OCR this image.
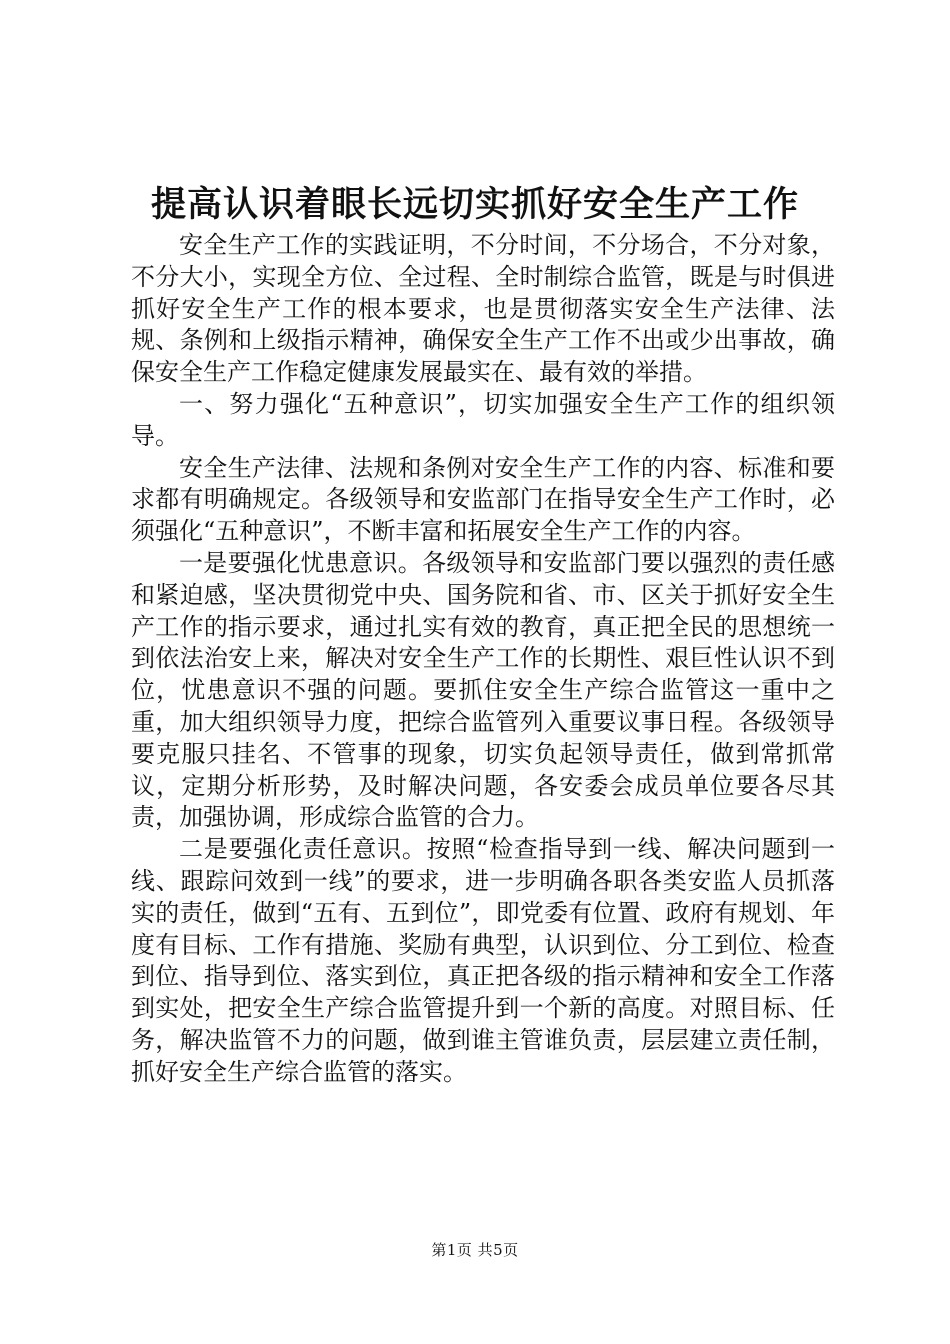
提高认识着眼长远切实抓好安全生产工作

安全生产工作的实践证明，不分时间，不分场合，不分对象，不分大小，实现全方位、全过程、全时制综合监管，既是与时俱进抓好安全生产工作的根本要求，也是贯彻落实安全生产法律、法规、条例和上级指示精神，确保安全生产工作不出或少出事故，确保安全生产工作稳定健康发展最实在、最有效的举措。

一、努力强化“五种意识”，切实加强安全生产工作的组织领导。

安全生产法律、法规和条例对安全生产工作的内容、标准和要求都有明确规定。各级领导和安监部门在指导安全生产工作时，必须强化“五种意识”，不断丰富和拓展安全生产工作的内容。

一是要强化忧患意识。各级领导和安监部门要以强烈的责任感和紧迫感，坚决贯彻党中央、国务院和省、市、区关于抓好安全生产工作的指示要求，通过扎实有效的教育，真正把全民的思想统一到依法治安上来，解决对安全生产工作的长期性、艰巨性认识不到位，忧患意识不强的问题。要抓住安全生产综合监管这一重中之重，加大组织领导力度，把综合监管列入重要议事日程。各级领导要克服只挂名、不管事的现象，切实负起领导责任，做到常抓常议，定期分析形势，及时解决问题，各安委会成员单位要各尽其责，加强协调，形成综合监管的合力。

二是要强化责任意识。按照“检查指导到一线、解决问题到一线、跟踪问效到一线”的要求，进一步明确各职各类安监人员抓落实的责任，做到“五有、五到位”，即党委有位置、政府有规划、年度有目标、工作有措施、奖励有典型，认识到位、分工到位、检查到位、指导到位、落实到位，真正把各级的指示精神和安全工作落到实处，把安全生产综合监管提升到一个新的高度。对照目标、任务，解决监管不力的问题，做到谁主管谁负责，层层建立责任制，抓好安全生产综合监管的落实。

第1页 共5页
